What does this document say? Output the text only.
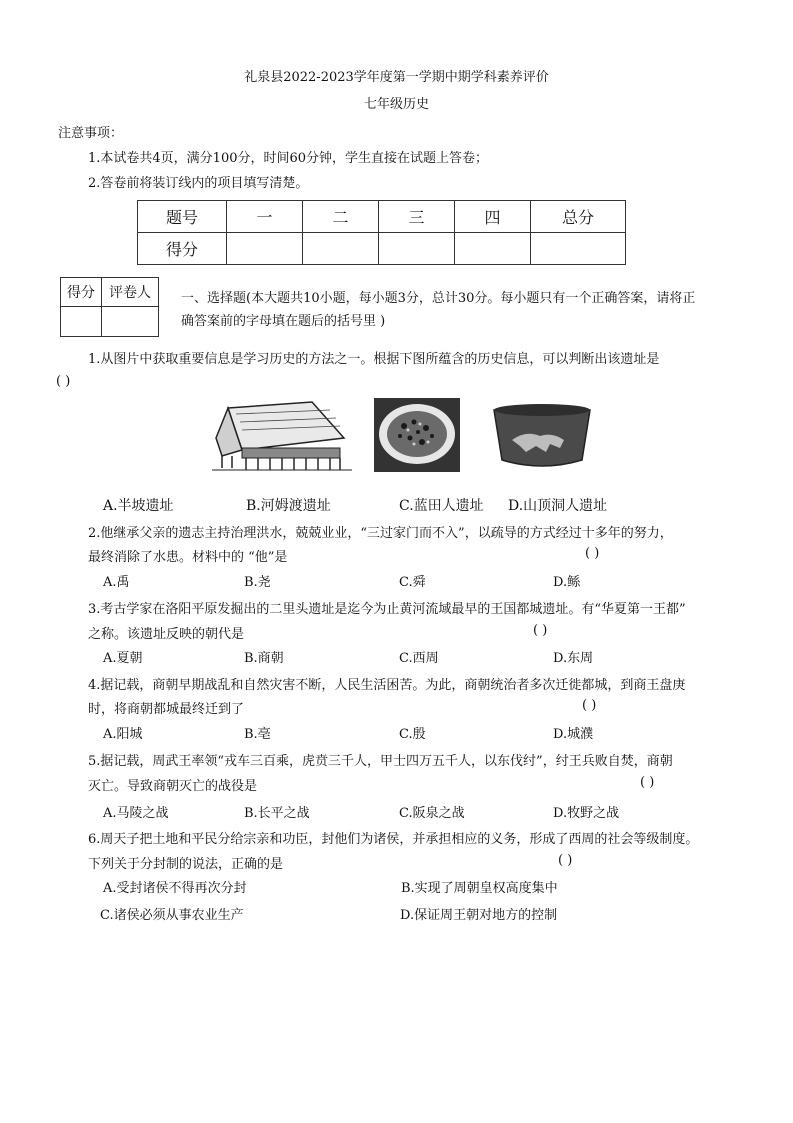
礼泉县2022-2023学年度第一学期中期学科素养评价
七年级历史
注意事项：
1.本试卷共4页，满分100分，时间60分钟，学生直接在试题上答卷；
2.答卷前将装订线内的项目填写清楚。
题号	一	二	三	四	总分
得分					
得分	评卷人
	一、选择题(本大题共10小题，每小题3分，总计30分。每小题只有一个正确答案，请将正
确答案前的字母填在题后的括号里 )
1.从图片中获取重要信息是学习历史的方法之一。根据下图所蕴含的历史信息，可以判断出该遗址是
( )
A.半坡遗址	B.河姆渡遗址	C.蓝田人遗址 D.山顶洞人遗址
2.他继承父亲的遗志主持治理洪水，兢兢业业，“三过家门而不入”，以疏导的方式经过十多年的努力，
最终消除了水患。材料中的 “他”是	( )
A.禹	B.尧	C.舜	D.鲧
3.考古学家在洛阳平原发掘出的二里头遗址是迄今为止黄河流域最早的王国都城遗址。有“华夏第一王都”
之称。该遗址反映的朝代是	( )
A.夏朝	B.商朝	C.西周	D.东周
4.据记载，商朝早期战乱和自然灾害不断，人民生活困苦。为此，商朝统治者多次迁徙都城，到商王盘庚
时，将商朝都城最终迁到了	( )
A.阳城	B.亳	C.殷	D.城濮
5.据记载，周武王率领“戎车三百乘，虎贲三千人，甲士四万五千人，以东伐纣”，纣王兵败自焚，商朝
灭亡。导致商朝灭亡的战役是	( )
A.马陵之战	B.长平之战	C.阪泉之战	D.牧野之战
6.周天子把土地和平民分给宗亲和功臣，封他们为诸侯，并承担相应的义务，形成了西周的社会等级制度。
下列关于分封制的说法，正确的是	( )
A.受封诸侯不得再次分封	B.实现了周朝皇权高度集中
C.诸侯必须从事农业生产	D.保证周王朝对地方的控制
